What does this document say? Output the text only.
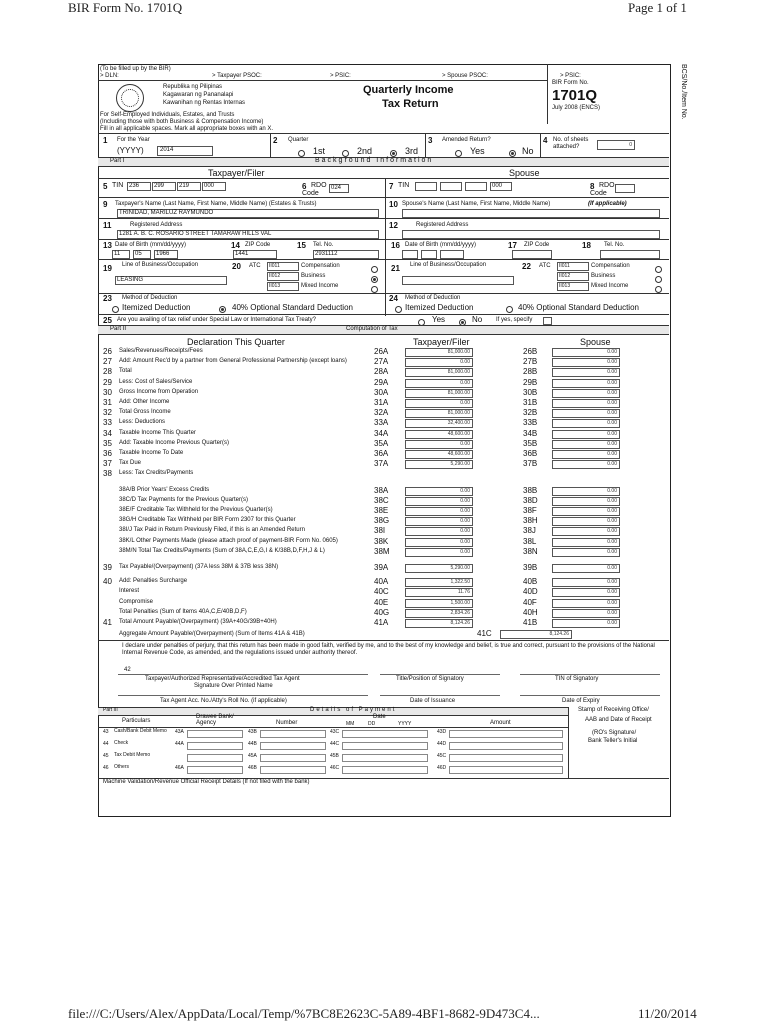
BIR Form No. 1701Q	Page 1 of 1
BCS/No./Item No.
(To be filled up by the BIR)
> DLN:	> Taxpayer PSOC:	> PSIC:	> Spouse PSOC:	> PSIC:
Republika ng Pilipinas
Kagawaran ng Pananalapi
Kawanihan ng Rentas Internas
Quarterly Income
Tax Return
BIR Form No.
1701Q
July 2008 (ENCS)
For Self-Employed Individuals, Estates, and Trusts
(Including those with both Business & Compensation Income)
Fill in all applicable spaces. Mark all appropriate boxes with an X.
1 For the Year
(YYYY)	2014
2 Quarter
1st	2nd	3rd
3 Amended Return?
Yes	No
4 No. of sheets attached?	0
Part I	Background Information
Taxpayer/Filer	Spouse
5 TIN 236 299 219 000	6 RDO
Code
024	7 TIN	000	8 RDO
Code
9 Taxpayer's Name (Last Name, First Name, Middle Name) (Estates & Trusts)
TRINIDAD, MARILUZ RAYMUNDO
10 Spouse's Name (Last Name, First Name, Middle Name)	(If applicable)
11	Registered Address
1281 A. B. C. ROSARIO STREET TAMARAW HILLS VAL
12	Registered Address
13 Date of Birth (mm/dd/yyyy)
11 05 1966
14 ZIP Code
1441
15 Tel. No.
2931112
16 Date of Birth (mm/dd/yyyy)	17 ZIP Code	18 Tel. No.
19 Line of Business/Occupation
LEASING
20 ATC II011
II012
II013
Compensation
Business
Mixed Income
21 Line of Business/Occupation	22 ATC II011
II012
II013
Compensation
Business
Mixed Income
23 Method of Deduction
Itemized Deduction	40% Optional Standard Deduction
24 Method of Deduction
Itemized Deduction	40% Optional Standard Deduction
25 Are you availing of tax relief under Special Law or International Tax Treaty?	Yes	No If yes, specify
Part II	Computation of Tax
Declaration This Quarter	Taxpayer/Filer	Spouse
26 Sales/Revenues/Receipts/Fees	26A	81,000.00	26B	0.00
27 Add: Amount Rec'd by a partner from General Professional Partnership (except loans)	27A	0.00	27B	0.00
28 Total	28A	81,000.00	28B	0.00
29 Less: Cost of Sales/Service	29A	0.00	29B	0.00
30 Gross Income from Operation	30A	81,000.00	30B	0.00
31 Add: Other Income	31A	0.00	31B	0.00
32 Total Gross Income	32A	81,000.00	32B	0.00
33 Less: Deductions	33A	32,400.00	33B	0.00
34 Taxable Income This Quarter	34A	48,600.00	34B	0.00
35 Add: Taxable Income Previous Quarter(s)	35A	0.00	35B	0.00
36 Taxable Income To Date	36A	48,600.00	36B	0.00
37 Tax Due	37A	5,290.00	37B	0.00
38 Less: Tax Credits/Payments
38A/B Prior Years' Excess Credits	38A	0.00	38B	0.00
38C/D Tax Payments for the Previous Quarter(s)	38C	0.00	38D	0.00
38E/F Creditable Tax Withheld for the Previous Quarter(s)	38E	0.00	38F	0.00
38G/H Creditable Tax Withheld per BIR Form 2307 for this Quarter	38G	0.00	38H	0.00
38I/J Tax Paid in Return Previously Filed, if this is an Amended Return	38I	0.00	38J	0.00
38K/L Other Payments Made (please attach proof of payment-BIR Form No. 0605)	38K	0.00	38L	0.00
38M/N Total Tax Credits/Payments (Sum of 38A,C,E,G,I & K/38B,D,F,H,J & L)	38M	0.00	38N	0.00
39 Tax Payable/(Overpayment) (37A less 38M & 37B less 38N)	39A	5,290.00	39B	0.00
40 Add: Penalties Surcharge	40A	1,322.50	40B	0.00
Interest	40C	11.76	40D	0.00
Compromise	40E	1,500.00	40F	0.00
Total Penalties (Sum of Items 40A,C,E/40B,D,F)	40G	2,834.26	40H	0.00
41 Total Amount Payable/(Overpayment) (39A+40G/39B+40H)	41A	8,124.26	41B	0.00
Aggregate Amount Payable/(Overpayment) (Sum of Items 41A & 41B)	41C	8,124.26
I declare under penalties of perjury, that this return has been made in good faith, verified by me, and to the best of my knowledge and belief, is true and correct, pursuant to the provisions of the National Internal Revenue Code, as amended, and the regulations issued under authority thereof.
42
Taxpayer/Authorized Representative/Accredited Tax Agent
Signature Over Printed Name
Title/Position of Signatory	TIN of Signatory
Tax Agent Acc. No./Atty's Roll No. (if applicable)	Date of Issuance	Date of Expiry
Part III	Details of Payment	Stamp of Receiving Office/
AAB and Date of Receipt
(RO's Signature/
Bank Teller's Initial
Particulars
Drawee Bank/ Agency	Number
Date
MM	DD	YYYY	Amount
43 Cash/Bank Debit Memo	43A	43B	43C	43D
44 Check	44A	44B	44C	44D
45 Tax Debit Memo	45A	45B	45C
46 Others	46A	46B	46C	46D
Machine Validation/Revenue Official Receipt Details (If not filed with the bank)
file:///C:/Users/Alex/AppData/Local/Temp/%7BC8E2623C-5A89-4BF1-8682-9D473C4...	11/20/2014
